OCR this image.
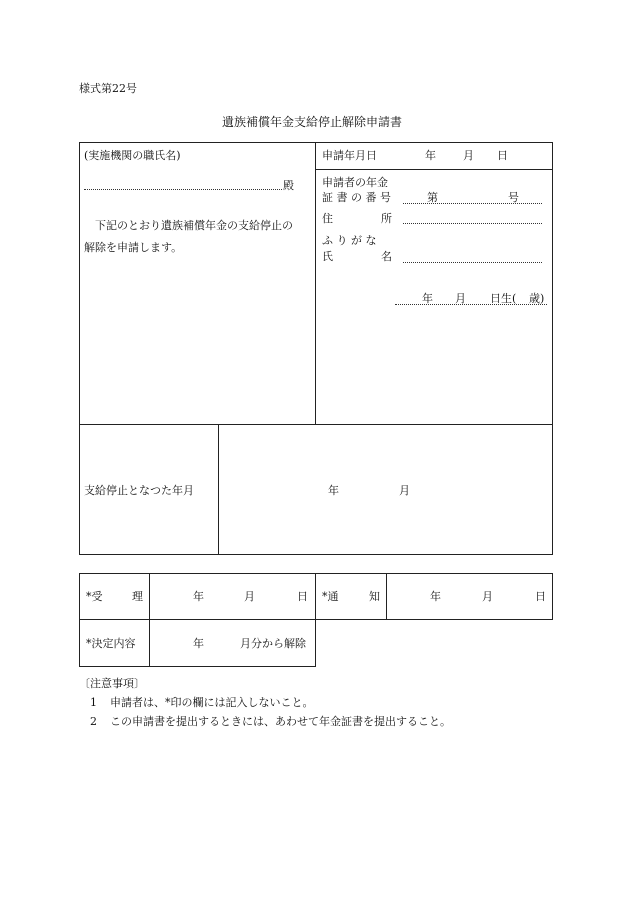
様式第22号
遺族補償年金支給停止解除申請書
(実施機関の職氏名)
殿
下記のとおり遺族補償年金の支給停止の
解除を申請します。
申請年月日	年 月 日
申請者の年金
証 書 の 番 号	第	号
住	所
ふ り が な
氏	名
年 月 日生( 歳)
支給停止となつた年月	年	月
*受	理	年	月	日 *通	知	年	月	日
*決定内容	年	月分から解除
〔注意事項〕
1 申請者は、*印の欄には記入しないこと。
2 この申請書を提出するときには、あわせて年金証書を提出すること。
